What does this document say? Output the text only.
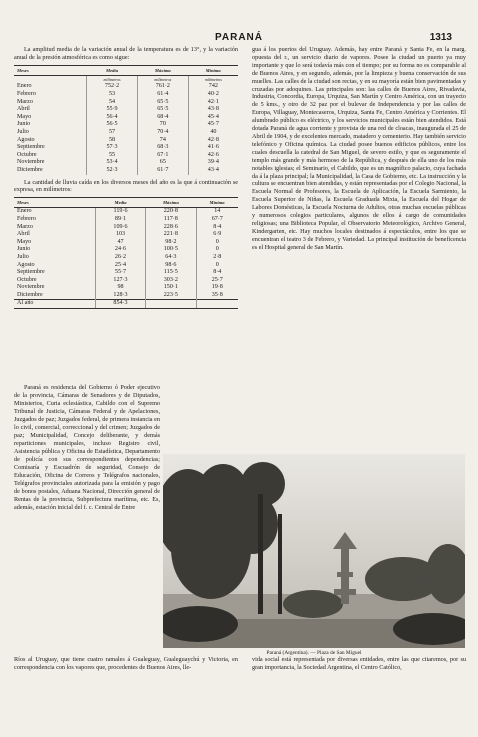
PARANÁ	1313

La amplitud media de la variación anual de la temperatura es de 13°, y la variación anual de la presión atmosférica es como sigue:

Meses	Media	Máxima	Mínima
	milímetros	milímetros	milímetros
Enero	752·2	761·2	742
Febrero	53	61·4	40·2
Marzo	54	65·5	42·1
Abril	55·9	65·5	43·8
Mayo	56·4	68·4	45·4
Junio	56·5	70	45·7
Julio	57	70·4	40
Agosto	58	74	42·8
Septiembre	57·3	68·3	41·6
Octubre	55	67·1	42·6
Noviembre	53·4	65	39·4
Diciembre	52·3	61·7	43·4

La cantidad de lluvia caída en los diversos meses del año es la que á continuación se expresa, en milímetros:

Meses	Media	Máxima	Mínima
Enero	119·6	220·8	14
Febrero	89·1	117·8	67·7
Marzo	109·6	228·6	8·4
Abril	103	221·8	6·9
Mayo	47	98·2	0
Junio	24·6	100·5	0
Julio	26·2	64·3	2·8
Agosto	25·4	98·6	0
Septiembre	55·7	115·5	8·4
Octubre	127·3	303·2	25·7
Noviembre	98	150·1	19·8
Diciembre	128·3	223·5	35·8
Al año	854·3		

Paraná es residencia del Gobierno ó Poder ejecutivo de la provincia, Cámaras de Senadores y de Diputados, Ministerios, Curia eclesiástica, Cabildo con el Supremo Tribunal de Justicia, Cámaras Federal y de Apelaciones, Juzgados de paz; Juzgados federal, de primera instancia en lo civil, comercial, correccional y del crimen; Juzgados de paz; Municipalidad, Concejo deliberante, y demás reparticiones municipales, incluso Registro civil, Asistencia pública y Oficina de Estadística, Departamento de policía con sus correspondientes dependencias; Comisaría y Escuadrón de seguridad, Consejo de Educación, Oficina de Correos y Telégrafos nacionales, Telégrafos provinciales autorizada para la emisión y pago de bonos postales, Aduana Nacional, Dirección general de Rentas de la provincia, Subprefectura marítima, etc. Es, además, estación inicial del f. c. Central de Entre

gua á los puertos del Uruguay. Además, hay entre Paraná y Santa Fe, en la marg. opuesta del r., un servicio diario de vapores. Posee la ciudad un puerto ya muy importante y que lo será todavía más con el tiempo; por su forma no es comparable al de Buenos Aires, y en segundo, además, por la limpieza y buena conservación de sus muelles. Las calles de la ciudad son rectas, y en su mayoría están bien pavimentadas y cruzadas por adoquines. Las principales son: las calles de Buenos Aires, Rivadavia, Industria, Concordia, Europa, Urquiza, San Martín y Centro América, con un trayecto de 5 kms., y otro de 32 paz por el bulevar de Independencia y por las calles de Europa, Villaguay, Montecaseros, Urquiza, Santa Fe, Centro América y Corrientes. El alumbrado público es eléctrico, y los servicios municipales están bien atendidos. Está dotada Paraná de agua corriente y provista de una red de cloacas, inaugurada el 25 de Abril de 1904, y de excelentes mercado, matadero y cementerio. Hay también servicio telefónico y Oficina química. La ciudad posee buenos edificios públicos, entre los cuales descuella la catedral de San Miguel, de severo estilo, y que es seguramente el templo más grande y más hermoso de la República, y después de ella uno de los más notables iglesias; el Seminario, el Cabildo, que es un magnífico palacio, cuya fachada da á la plaza principal; la Municipalidad, la Casa de Gobierno, etc. La instrucción y la cultura se encuentran bien atendidas, y están representadas por el Colegio Nacional, la Escuela Normal de Profesores, la Escuela de Aplicación, la Escuela Sarmiento, la Escuela Superior de Niñas, la Escuela Graduada Mixta, la Escuela del Hogar de Labores Domésticas, la Escuela Nocturna de Adultos, otras muchas escuelas públicas y numerosos colegios particulares, algunos de ellos á cargo de comunidades religiosas; una Biblioteca Popular, el Observatorio Meteorológico, Archivo General, Kindergarten, etc. Hay muchos locales destinados á espectáculos, entre los que se encuentran el teatro 3 de Febrero, y Variedad. La principal institución de beneficencia es el Hospital general de San Martín.

Paraná (Argentina). — Plaza de San Miguel

Ríos al Uruguay, que tiene cuatro ramales á Gualeguay, Gualeguaychú y Victoria, en correspondencia con los vapores que, procedentes de Buenos Aires, lle-

vida social está representada por diversas entidades, entre las que citaremos, por su gran importancia, la Sociedad Argentina, el Centro Católico,
